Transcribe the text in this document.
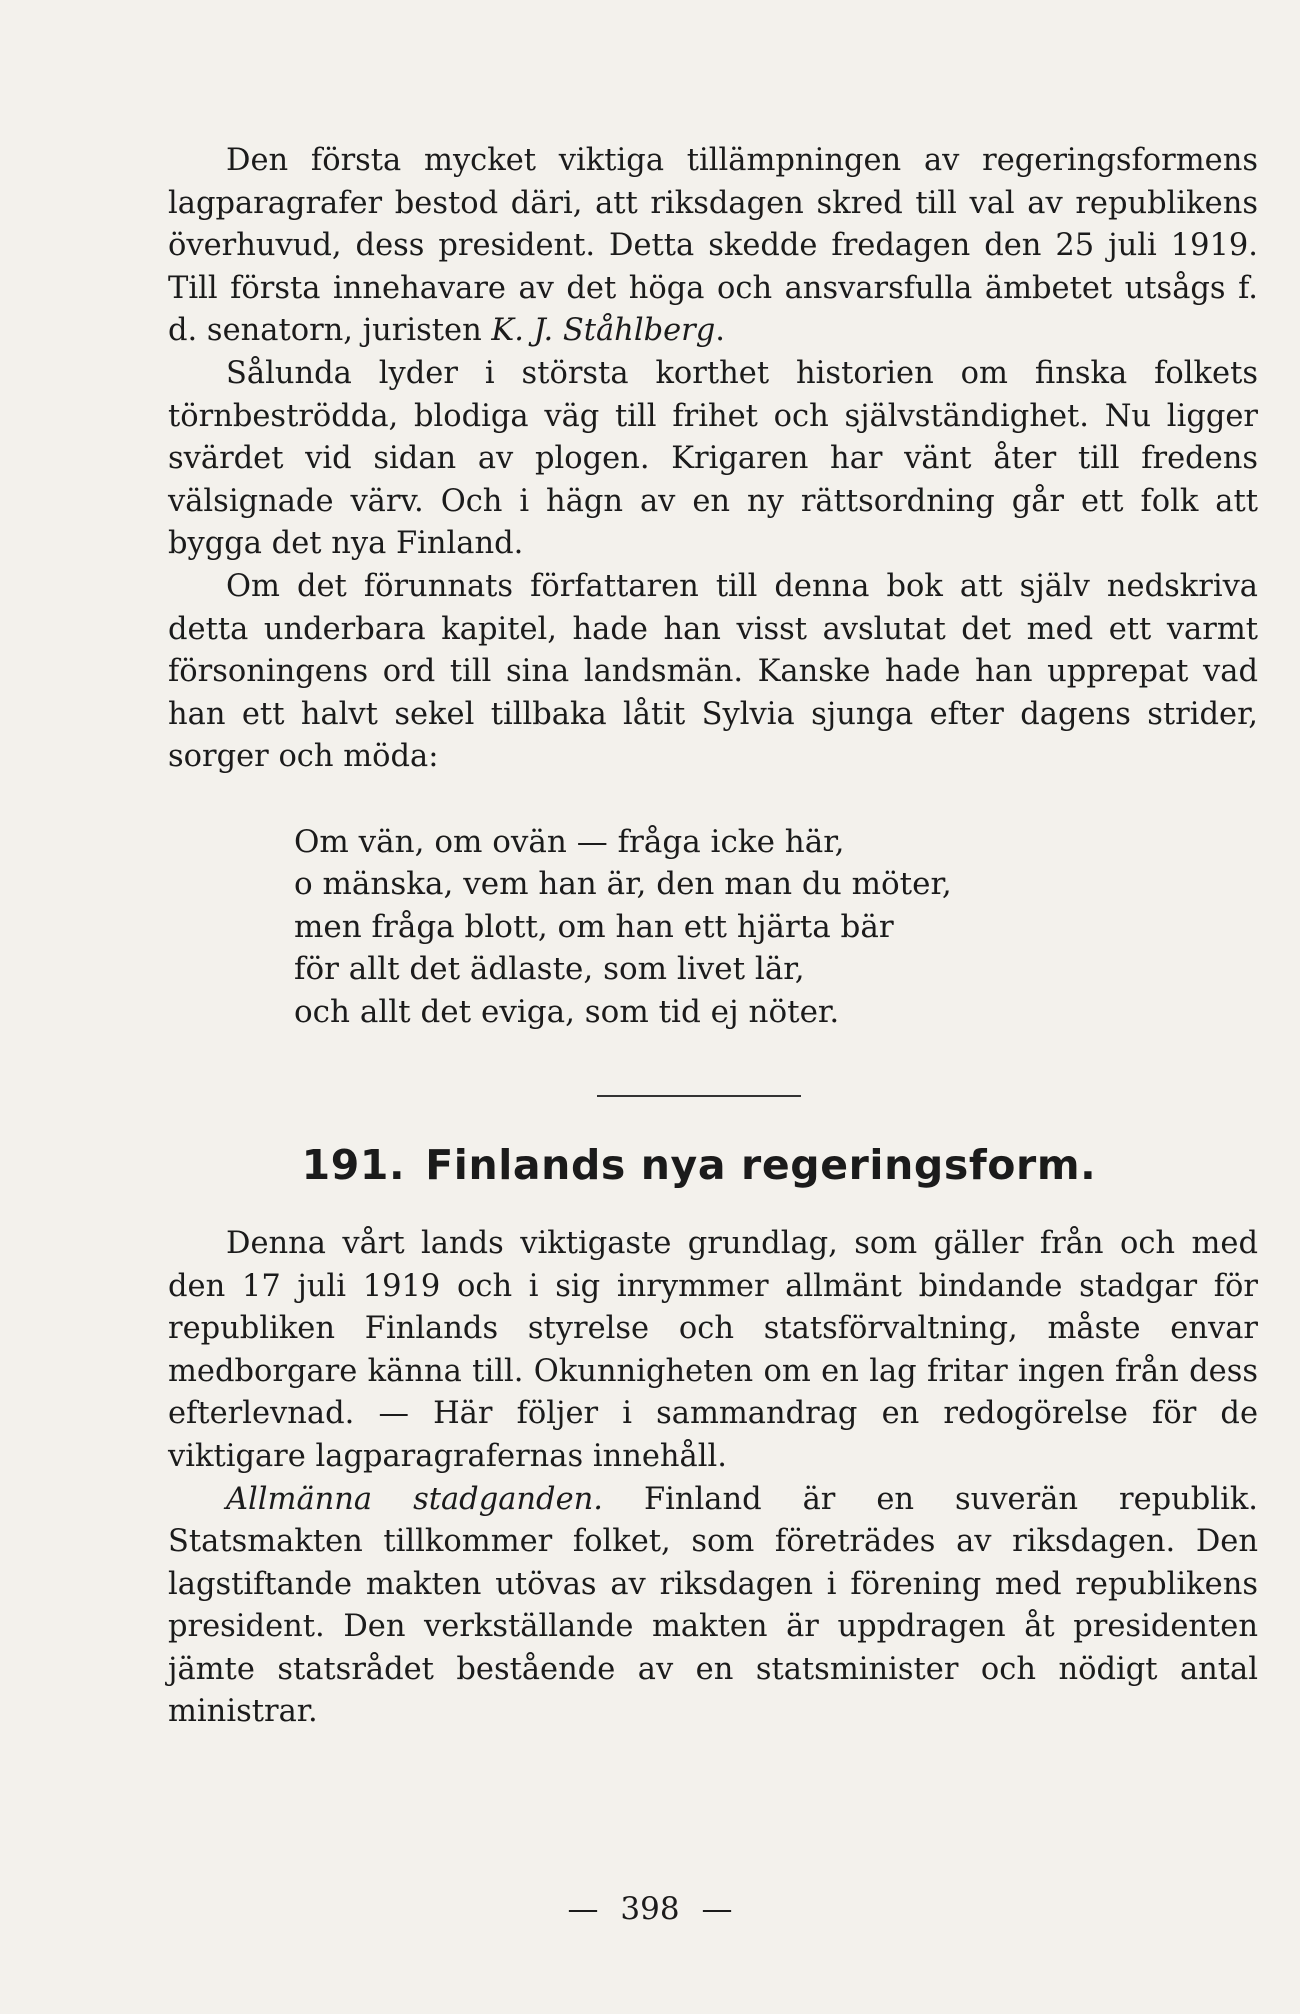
Den första mycket viktiga tillämpningen av regeringsformens lagparagrafer bestod däri, att riksdagen skred till val av republikens överhuvud, dess president. Detta skedde fredagen den 25 juli 1919. Till första innehavare av det höga och ansvarsfulla ämbetet utsågs f. d. senatorn, juristen K. J. Ståhlberg.

Sålunda lyder i största korthet historien om finska folkets törnbeströdda, blodiga väg till frihet och självständighet. Nu ligger svärdet vid sidan av plogen. Krigaren har vänt åter till fredens välsignade värv. Och i hägn av en ny rättsordning går ett folk att bygga det nya Finland.

Om det förunnats författaren till denna bok att själv nedskriva detta underbara kapitel, hade han visst avslutat det med ett varmt försoningens ord till sina landsmän. Kanske hade han upprepat vad han ett halvt sekel tillbaka låtit Sylvia sjunga efter dagens strider, sorger och möda:

Om vän, om ovän — fråga icke här,
o mänska, vem han är, den man du möter,
men fråga blott, om han ett hjärta bär
för allt det ädlaste, som livet lär,
och allt det eviga, som tid ej nöter.
191. Finlands nya regeringsform.

Denna vårt lands viktigaste grundlag, som gäller från och med den 17 juli 1919 och i sig inrymmer allmänt bindande stadgar för republiken Finlands styrelse och statsförvaltning, måste envar medborgare känna till. Okunnigheten om en lag fritar ingen från dess efterlevnad. — Här följer i sammandrag en redogörelse för de viktigare lagparagrafernas innehåll.

Allmänna stadganden. Finland är en suverän republik. Statsmakten tillkommer folket, som företrädes av riksdagen. Den lagstiftande makten utövas av riksdagen i förening med republikens president. Den verkställande makten är uppdragen åt presidenten jämte statsrådet bestående av en statsminister och nödigt antal ministrar.

— 398 —
